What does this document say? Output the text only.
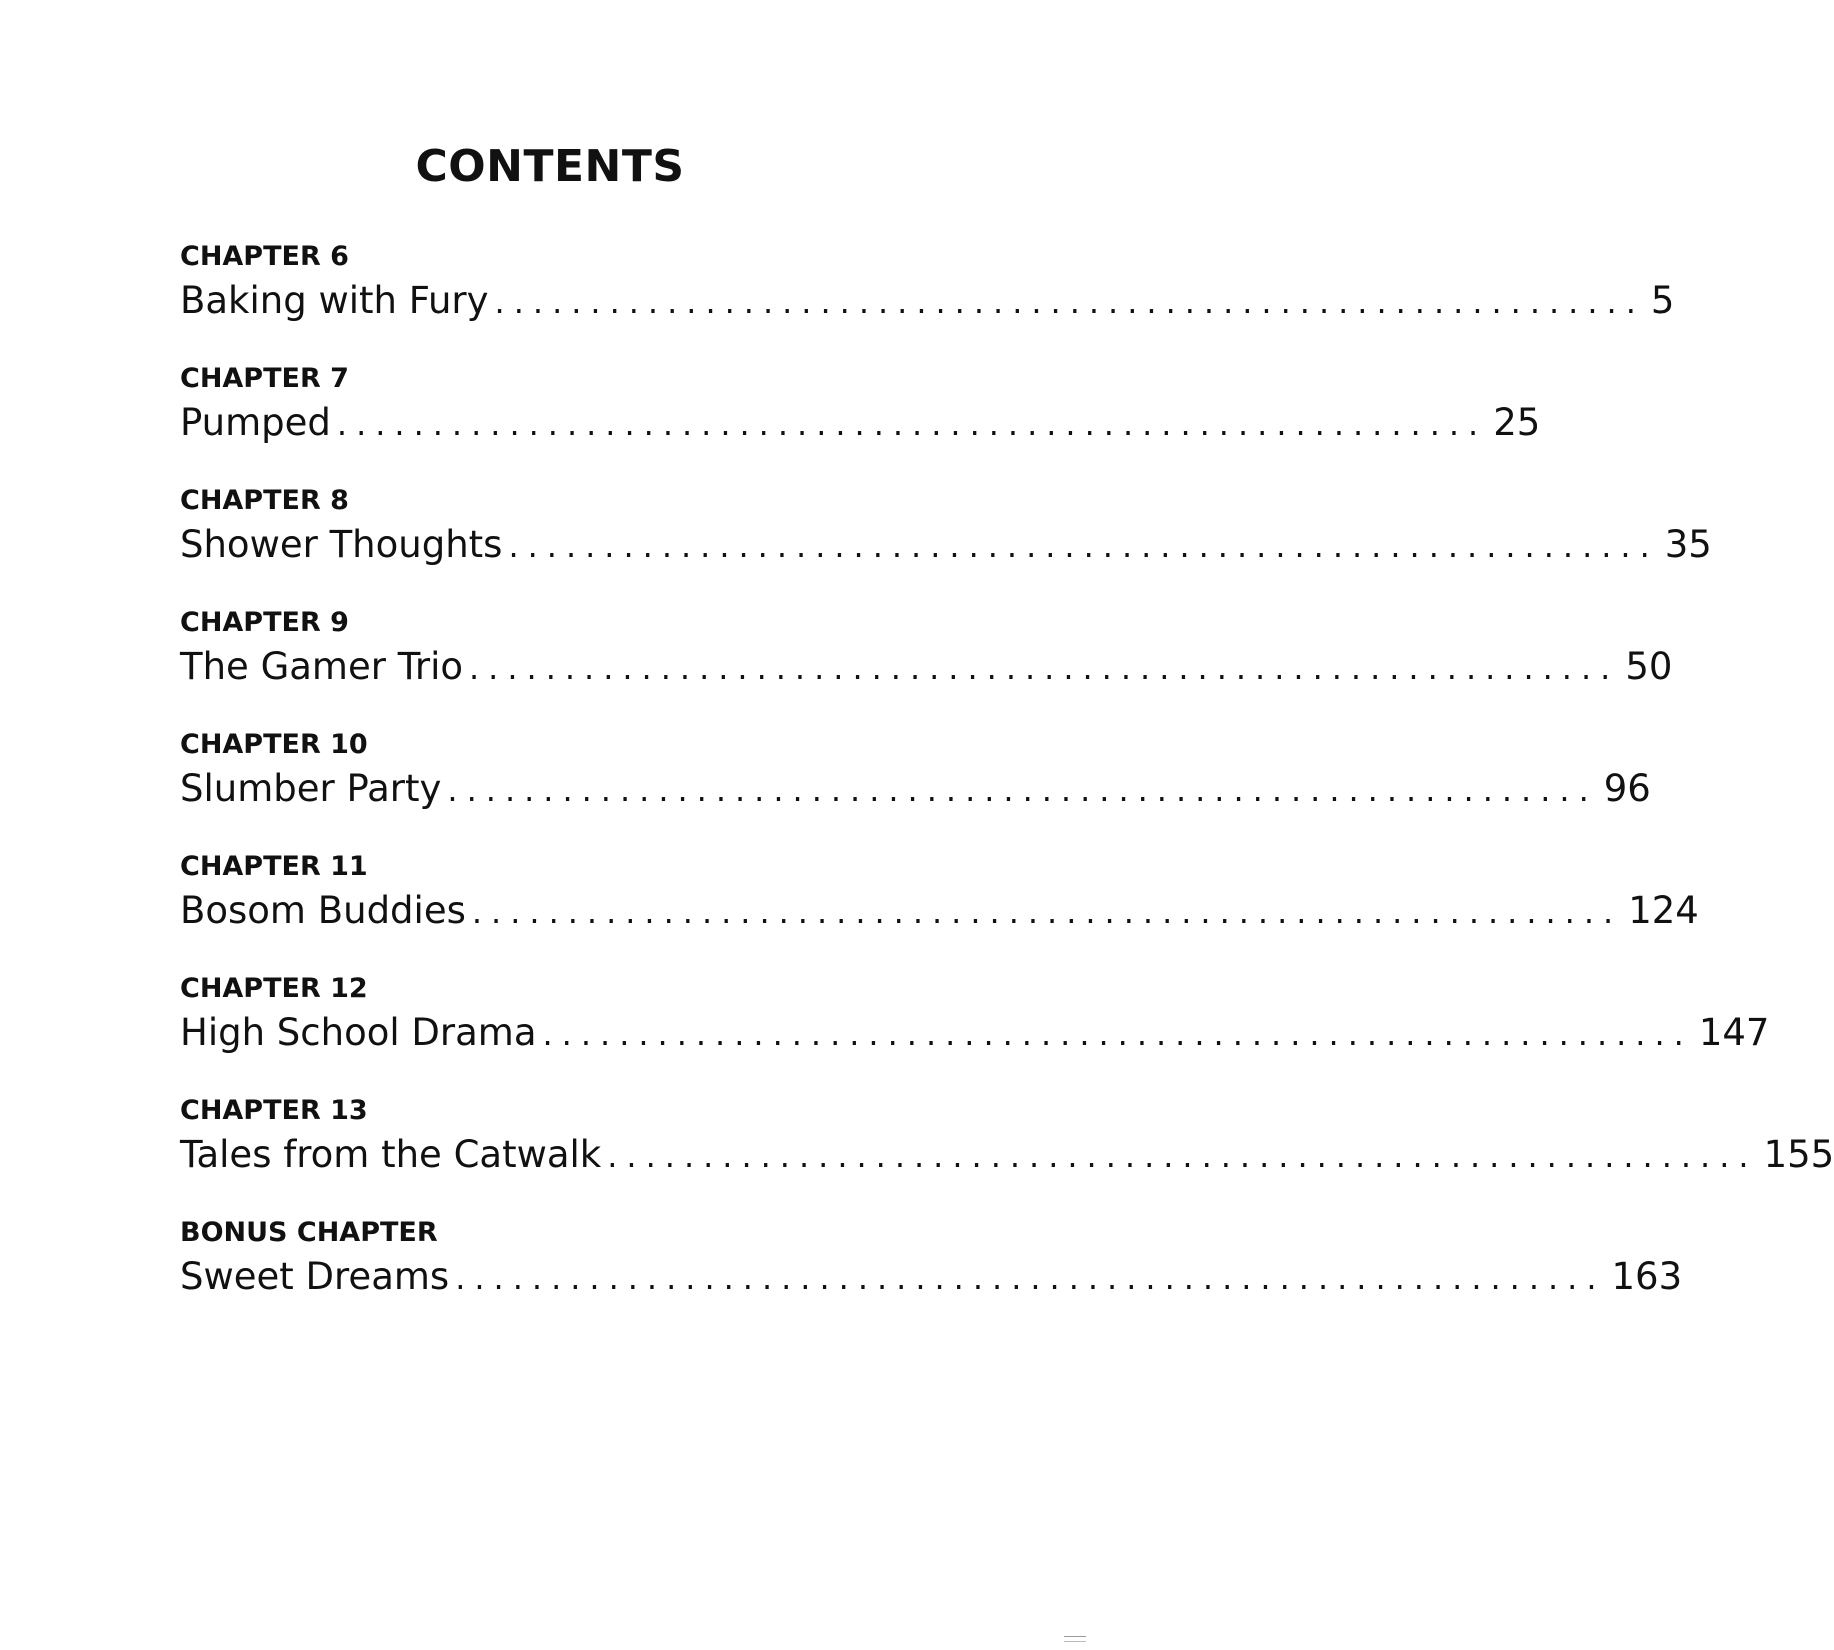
CONTENTS
CHAPTER 6
Baking with Fury ............................................................ 5
CHAPTER 7
Pumped ............................................................ 25
CHAPTER 8
Shower Thoughts ............................................................ 35
CHAPTER 9
The Gamer Trio ............................................................ 50
CHAPTER 10
Slumber Party ............................................................ 96
CHAPTER 11
Bosom Buddies ............................................................ 124
CHAPTER 12
High School Drama ............................................................ 147
CHAPTER 13
Tales from the Catwalk ............................................................ 155
BONUS CHAPTER
Sweet Dreams ............................................................ 163
